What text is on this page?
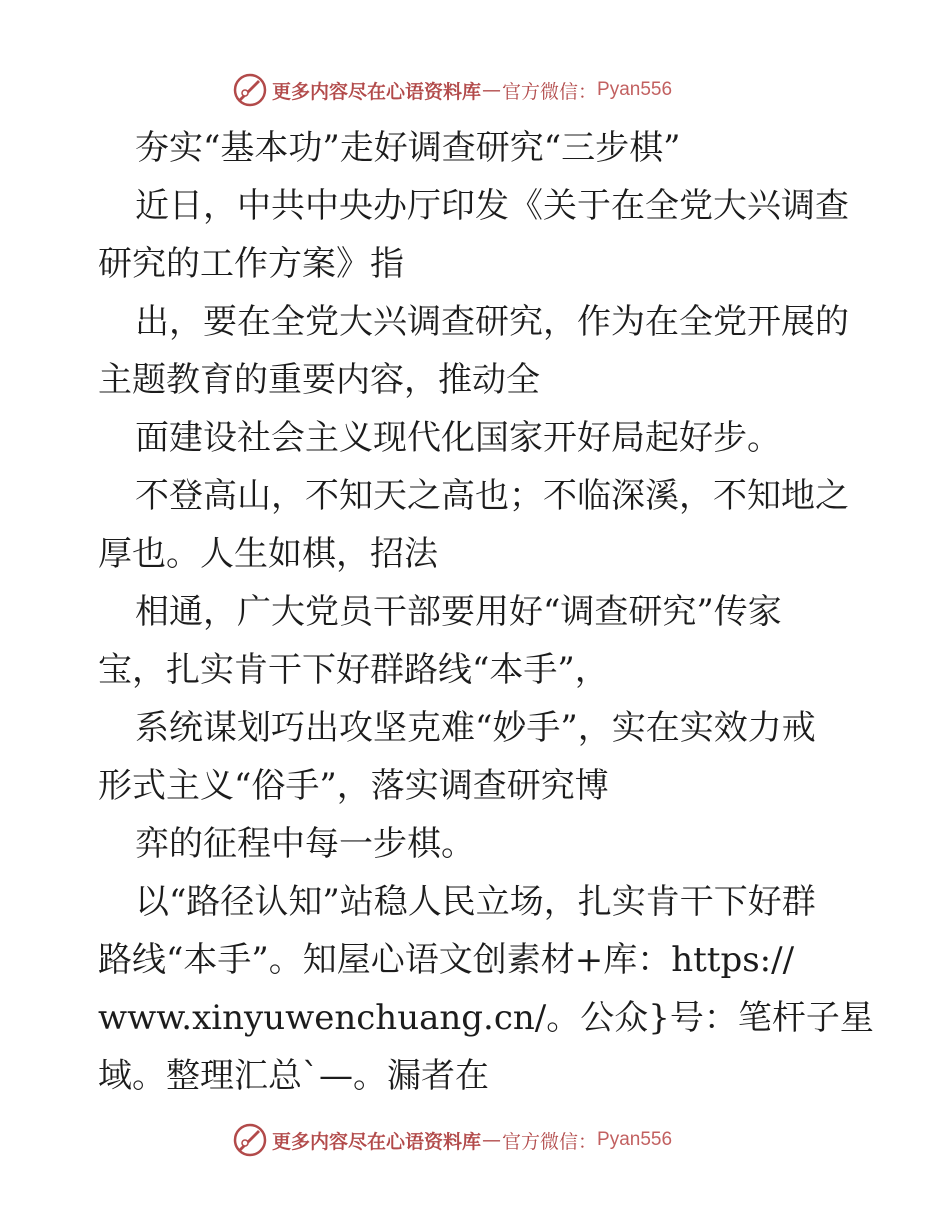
更多内容尽在心语资料库 — 官方微信： Pyan556
夯实“基本功”走好调查研究“三步棋”
近日，中共中央办厅印发《关于在全党大兴调查
研究的工作方案》指
出，要在全党大兴调查研究，作为在全党开展的
主题教育的重要内容，推动全
面建设社会主义现代化国家开好局起好步。
不登高山，不知天之高也；不临深溪，不知地之
厚也。人生如棋，招法
相通，广大党员干部要用好“调查研究”传家
宝，扎实肯干下好群路线“本手”，
系统谋划巧出攻坚克难“妙手”，实在实效力戒
形式主义“俗手”，落实调查研究博
弈的征程中每一步棋。
以“路径认知”站稳人民立场，扎实肯干下好群
路线“本手”。知屋心语文创素材+库：https://
www.xinyuwenchuang.cn/。公众}号：笔杆子星
域。整理汇总`—。漏者在
更多内容尽在心语资料库 — 官方微信： Pyan556
